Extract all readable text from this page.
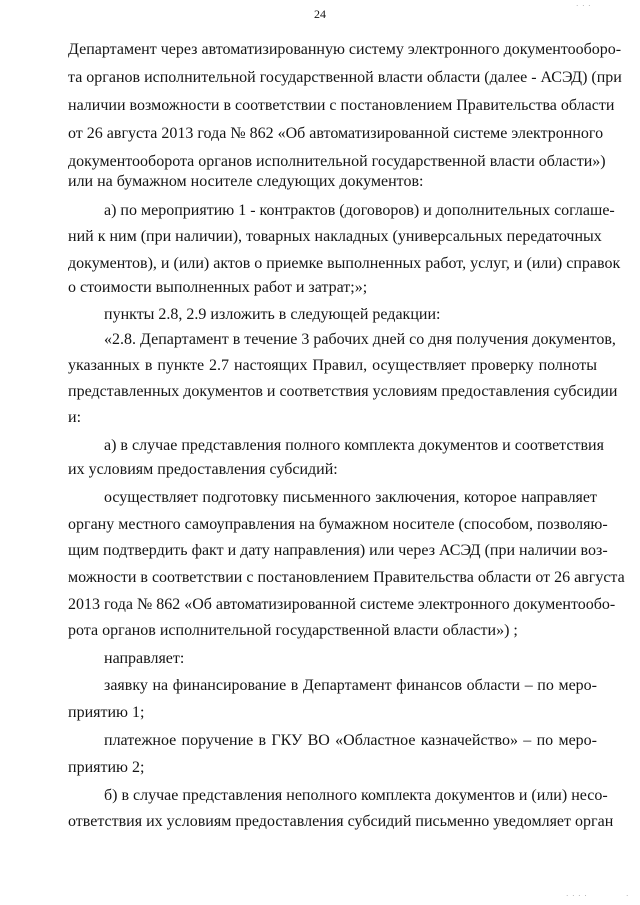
· · ·
24
Департамент через автоматизированную систему электронного документооборо-
та органов исполнительной государственной власти области (далее - АСЭД) (при
наличии возможности в соответствии с постановлением Правительства области
от 26 августа 2013 года № 862 «Об автоматизированной системе электронного
документооборота органов исполнительной государственной власти области»)
или на бумажном носителе следующих документов:
а) по мероприятию 1 - контрактов (договоров) и дополнительных соглаше-
ний к ним (при наличии), товарных накладных (универсальных передаточных
документов), и (или) актов о приемке выполненных работ, услуг, и (или) справок
о стоимости выполненных работ и затрат;»;
пункты 2.8, 2.9 изложить в следующей редакции:
«2.8. Департамент в течение 3 рабочих дней со дня получения документов,
указанных в пункте 2.7 настоящих Правил, осуществляет проверку полноты
представленных документов и соответствия условиям предоставления субсидии
и:
а) в случае представления полного комплекта документов и соответствия
их условиям предоставления субсидий:
осуществляет подготовку письменного заключения, которое направляет
органу местного самоуправления на бумажном носителе (способом, позволяю-
щим подтвердить факт и дату направления) или через АСЭД (при наличии воз-
можности в соответствии с постановлением Правительства области от 26 августа
2013 года № 862 «Об автоматизированной системе электронного документообо-
рота органов исполнительной государственной власти области») ;
направляет:
заявку на финансирование в Департамент финансов области – по меро-
приятию 1;
платежное поручение в ГКУ ВО «Областное казначейство» – по меро-
приятию 2;
б) в случае представления неполного комплекта документов и (или) несо-
ответствия их условиям предоставления субсидий письменно уведомляет орган
· · · ·	·
